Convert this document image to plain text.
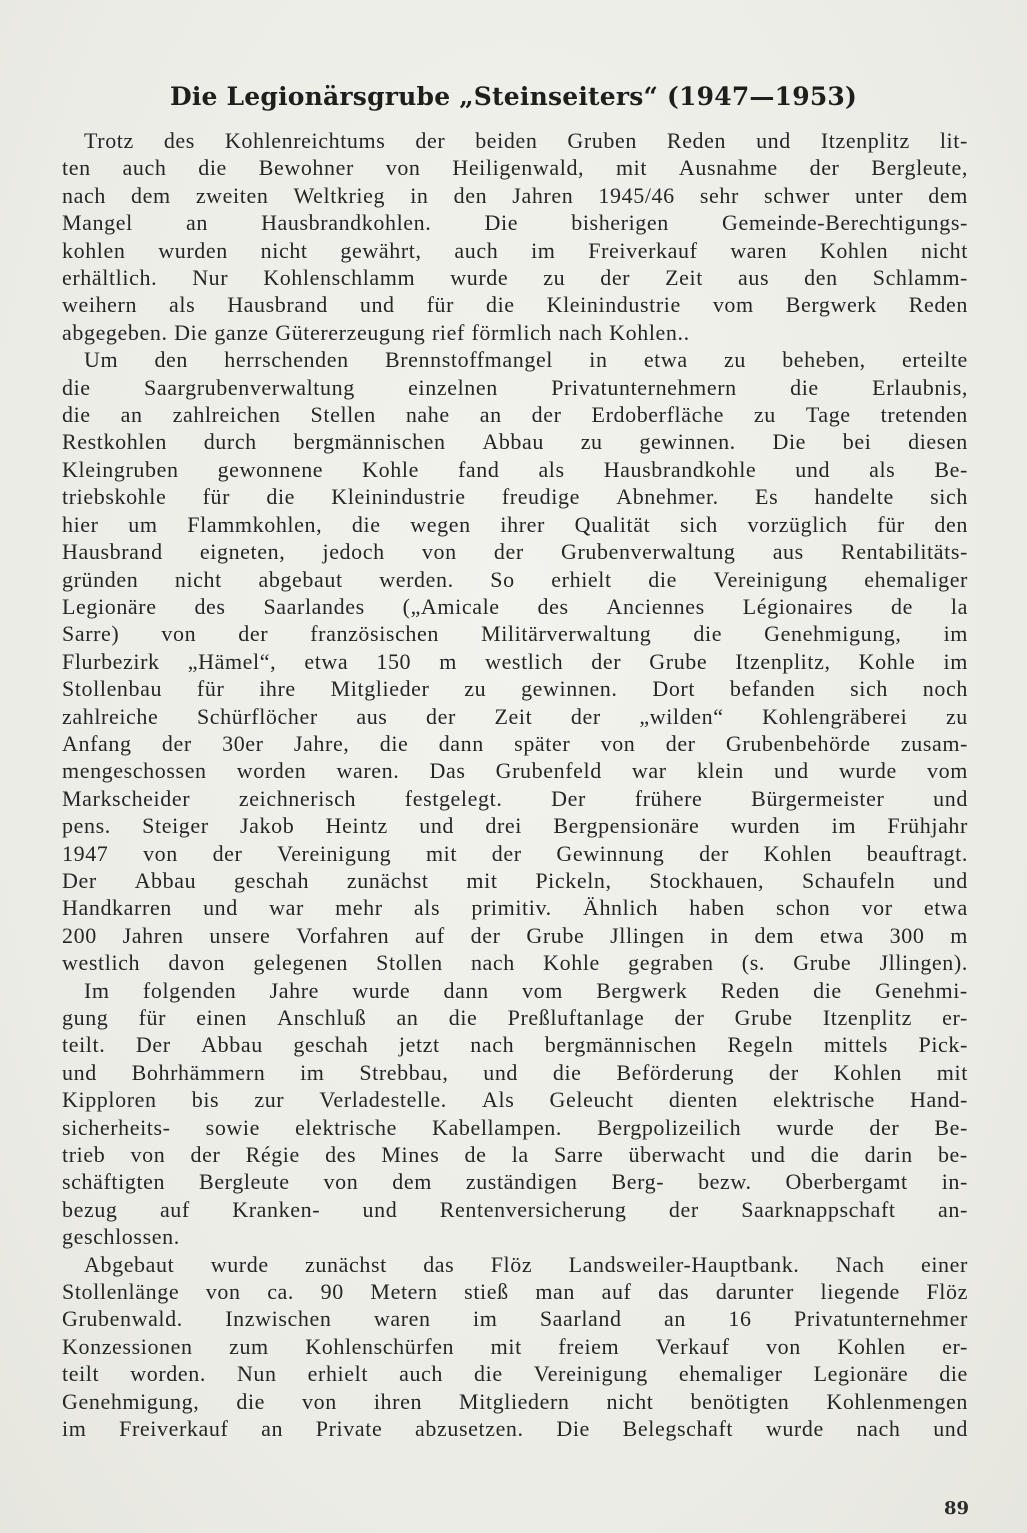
Die Legionärsgrube „Steinseiters“ (1947—1953)
Trotz des Kohlenreichtums der beiden Gruben Reden und Itzenplitz lit-
ten auch die Bewohner von Heiligenwald, mit Ausnahme der Bergleute,
nach dem zweiten Weltkrieg in den Jahren 1945/46 sehr schwer unter dem
Mangel an Hausbrandkohlen. Die bisherigen Gemeinde-Berechtigungs-
kohlen wurden nicht gewährt, auch im Freiverkauf waren Kohlen nicht
erhältlich. Nur Kohlenschlamm wurde zu der Zeit aus den Schlamm-
weihern als Hausbrand und für die Kleinindustrie vom Bergwerk Reden
abgegeben. Die ganze Gütererzeugung rief förmlich nach Kohlen..
Um den herrschenden Brennstoffmangel in etwa zu beheben, erteilte
die Saargrubenverwaltung einzelnen Privatunternehmern die Erlaubnis,
die an zahlreichen Stellen nahe an der Erdoberfläche zu Tage tretenden
Restkohlen durch bergmännischen Abbau zu gewinnen. Die bei diesen
Kleingruben gewonnene Kohle fand als Hausbrandkohle und als Be-
triebskohle für die Kleinindustrie freudige Abnehmer. Es handelte sich
hier um Flammkohlen, die wegen ihrer Qualität sich vorzüglich für den
Hausbrand eigneten, jedoch von der Grubenverwaltung aus Rentabilitäts-
gründen nicht abgebaut werden. So erhielt die Vereinigung ehemaliger
Legionäre des Saarlandes („Amicale des Anciennes Légionaires de la
Sarre) von der französischen Militärverwaltung die Genehmigung, im
Flurbezirk „Hämel“, etwa 150 m westlich der Grube Itzenplitz, Kohle im
Stollenbau für ihre Mitglieder zu gewinnen. Dort befanden sich noch
zahlreiche Schürflöcher aus der Zeit der „wilden“ Kohlengräberei zu
Anfang der 30er Jahre, die dann später von der Grubenbehörde zusam-
mengeschossen worden waren. Das Grubenfeld war klein und wurde vom
Markscheider zeichnerisch festgelegt. Der frühere Bürgermeister und
pens. Steiger Jakob Heintz und drei Bergpensionäre wurden im Frühjahr
1947 von der Vereinigung mit der Gewinnung der Kohlen beauftragt.
Der Abbau geschah zunächst mit Pickeln, Stockhauen, Schaufeln und
Handkarren und war mehr als primitiv. Ähnlich haben schon vor etwa
200 Jahren unsere Vorfahren auf der Grube Jllingen in dem etwa 300 m
westlich davon gelegenen Stollen nach Kohle gegraben (s. Grube Jllingen).
Im folgenden Jahre wurde dann vom Bergwerk Reden die Genehmi-
gung für einen Anschluß an die Preßluftanlage der Grube Itzenplitz er-
teilt. Der Abbau geschah jetzt nach bergmännischen Regeln mittels Pick-
und Bohrhämmern im Strebbau, und die Beförderung der Kohlen mit
Kipploren bis zur Verladestelle. Als Geleucht dienten elektrische Hand-
sicherheits- sowie elektrische Kabellampen. Bergpolizeilich wurde der Be-
trieb von der Régie des Mines de la Sarre überwacht und die darin be-
schäftigten Bergleute von dem zuständigen Berg- bezw. Oberbergamt in-
bezug auf Kranken- und Rentenversicherung der Saarknappschaft an-
geschlossen.
Abgebaut wurde zunächst das Flöz Landsweiler-Hauptbank. Nach einer
Stollenlänge von ca. 90 Metern stieß man auf das darunter liegende Flöz
Grubenwald. Inzwischen waren im Saarland an 16 Privatunternehmer
Konzessionen zum Kohlenschürfen mit freiem Verkauf von Kohlen er-
teilt worden. Nun erhielt auch die Vereinigung ehemaliger Legionäre die
Genehmigung, die von ihren Mitgliedern nicht benötigten Kohlenmengen
im Freiverkauf an Private abzusetzen. Die Belegschaft wurde nach und
89
